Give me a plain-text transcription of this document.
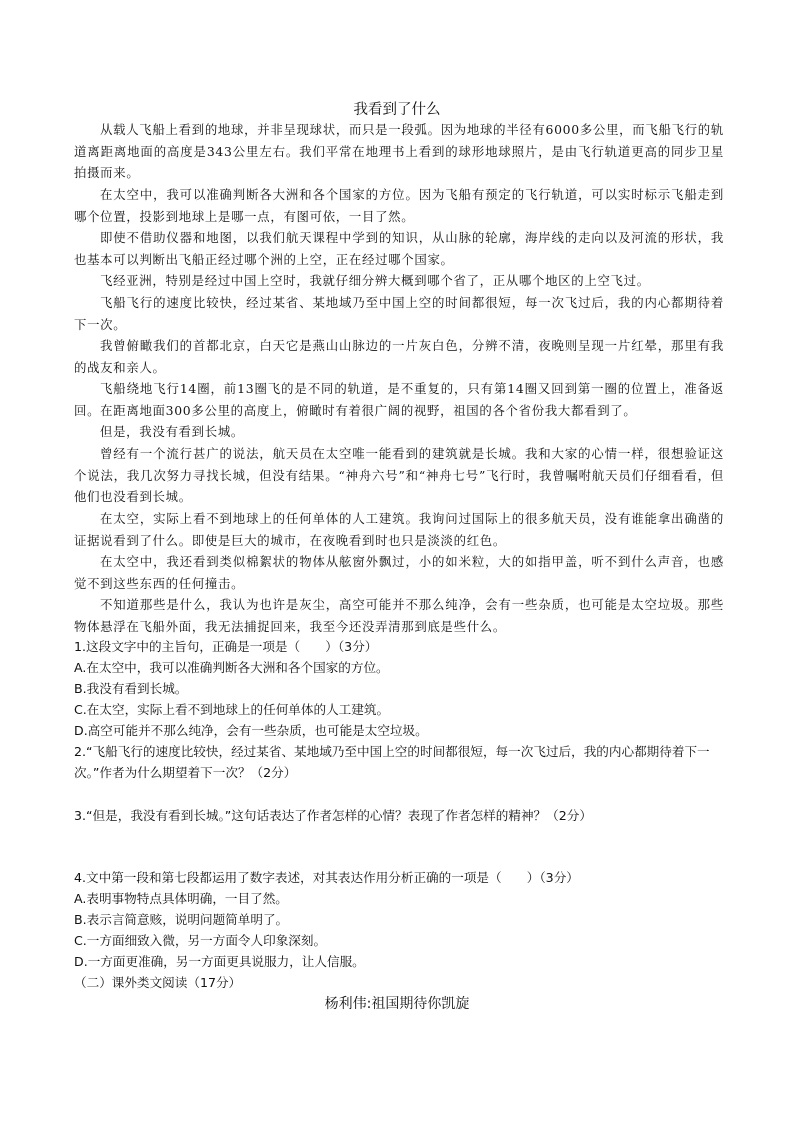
我看到了什么

从载人飞船上看到的地球，并非呈现球状，而只是一段弧。因为地球的半径有6000多公里，而飞船飞行的轨道离距离地面的高度是343公里左右。我们平常在地理书上看到的球形地球照片，是由飞行轨道更高的同步卫星拍摄而来。

在太空中，我可以准确判断各大洲和各个国家的方位。因为飞船有预定的飞行轨道，可以实时标示飞船走到哪个位置，投影到地球上是哪一点，有图可依，一目了然。

即使不借助仪器和地图，以我们航天课程中学到的知识，从山脉的轮廓，海岸线的走向以及河流的形状，我也基本可以判断出飞船正经过哪个洲的上空，正在经过哪个国家。

飞经亚洲，特别是经过中国上空时，我就仔细分辨大概到哪个省了，正从哪个地区的上空飞过。

飞船飞行的速度比较快，经过某省、某地域乃至中国上空的时间都很短，每一次飞过后，我的内心都期待着下一次。

我曾俯瞰我们的首都北京，白天它是燕山山脉边的一片灰白色，分辨不清，夜晚则呈现一片红晕，那里有我的战友和亲人。

飞船绕地飞行14圈，前13圈飞的是不同的轨道，是不重复的，只有第14圈又回到第一圈的位置上，准备返回。在距离地面300多公里的高度上，俯瞰时有着很广阔的视野，祖国的各个省份我大都看到了。

但是，我没有看到长城。

曾经有一个流行甚广的说法，航天员在太空唯一能看到的建筑就是长城。我和大家的心情一样，很想验证这个说法，我几次努力寻找长城，但没有结果。“神舟六号”和“神舟七号”飞行时，我曾嘱咐航天员们仔细看看，但他们也没看到长城。

在太空，实际上看不到地球上的任何单体的人工建筑。我询问过国际上的很多航天员，没有谁能拿出确凿的证据说看到了什么。即使是巨大的城市，在夜晚看到时也只是淡淡的红色。

在太空中，我还看到类似棉絮状的物体从舷窗外飘过，小的如米粒，大的如指甲盖，听不到什么声音，也感觉不到这些东西的任何撞击。

不知道那些是什么，我认为也许是灰尘，高空可能并不那么纯净，会有一些杂质，也可能是太空垃圾。那些物体悬浮在飞船外面，我无法捕捉回来，我至今还没弄清那到底是些什么。

1.这段文字中的主旨句，正确是一项是（　　）（3分）
A.在太空中，我可以准确判断各大洲和各个国家的方位。
B.我没有看到长城。
C.在太空，实际上看不到地球上的任何单体的人工建筑。
D.高空可能并不那么纯净，会有一些杂质，也可能是太空垃圾。
2.“飞船飞行的速度比较快，经过某省、某地域乃至中国上空的时间都很短，每一次飞过后，我的内心都期待着下一次。”作者为什么期望着下一次？（2分）
3.“但是，我没有看到长城。”这句话表达了作者怎样的心情？表现了作者怎样的精神？（2分）
4.文中第一段和第七段都运用了数字表述，对其表达作用分析正确的一项是（　　）（3分）
A.表明事物特点具体明确，一目了然。
B.表示言简意赅，说明问题简单明了。
C.一方面细致入微，另一方面令人印象深刻。
D.一方面更准确，另一方面更具说服力，让人信服。
（二）课外类文阅读（17分）
杨利伟:祖国期待你凯旋
